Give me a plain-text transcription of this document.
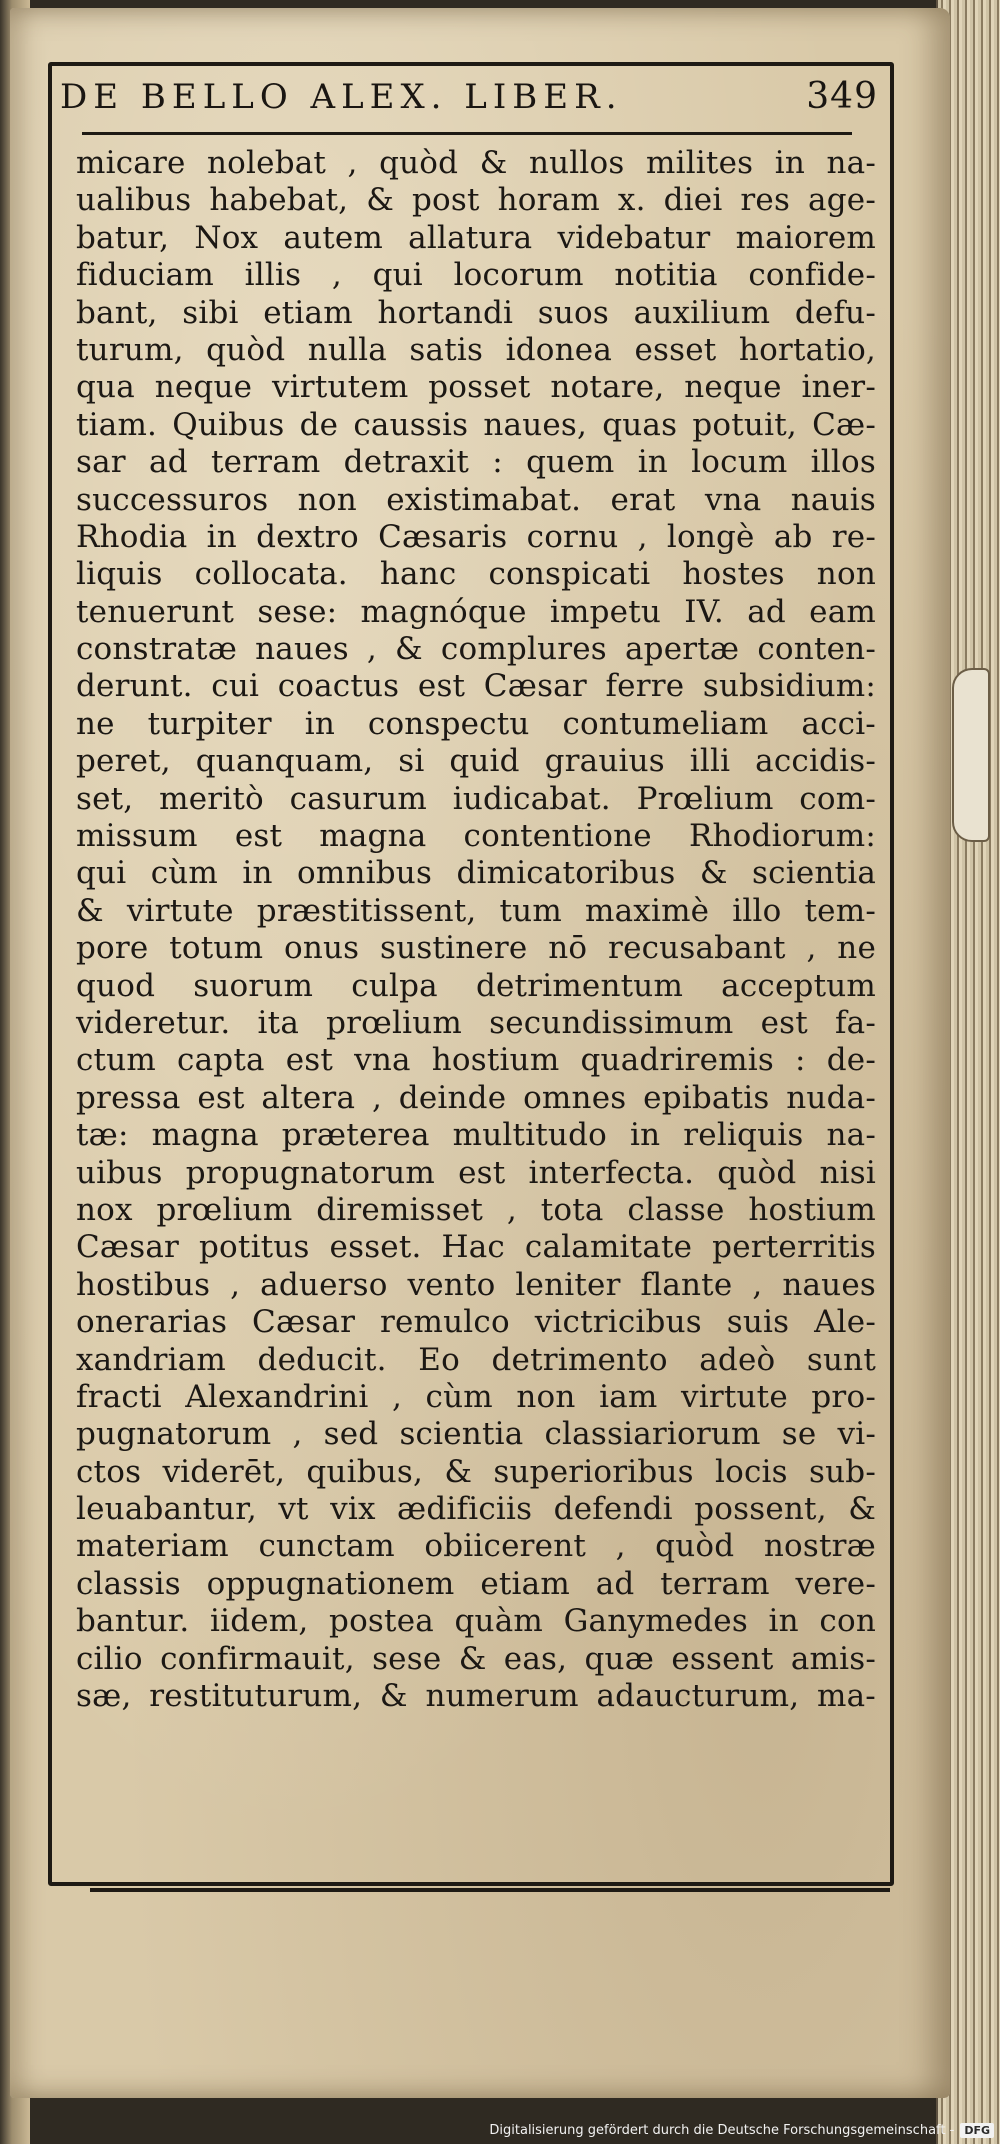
DE BELLO ALEX. LIBER.	349
micare nolebat , quòd & nullos milites in na-
ualibus habebat, & post horam x. diei res age-
batur, Nox autem allatura videbatur maiorem
fiduciam illis , qui locorum notitia confide-
bant, sibi etiam hortandi suos auxilium defu-
turum, quòd nulla satis idonea esset hortatio,
qua neque virtutem posset notare, neque iner-
tiam. Quibus de caussis naues, quas potuit, Cæ-
sar ad terram detraxit : quem in locum illos
successuros non existimabat. erat vna nauis
Rhodia in dextro Cæsaris cornu , longè ab re-
liquis collocata. hanc conspicati hostes non
tenuerunt sese: magnóque impetu IV. ad eam
constratæ naues , & complures apertæ conten-
derunt. cui coactus est Cæsar ferre subsidium:
ne turpiter in conspectu contumeliam acci-
peret, quanquam, si quid grauius illi accidis-
set, meritò casurum iudicabat. Prœlium com-
missum est magna contentione Rhodiorum:
qui cùm in omnibus dimicatoribus & scientia
& virtute præstitissent, tum maximè illo tem-
pore totum onus sustinere nō recusabant , ne
quod suorum culpa detrimentum acceptum
videretur. ita prœlium secundissimum est fa-
ctum capta est vna hostium quadriremis : de-
pressa est altera , deinde omnes epibatis nuda-
tæ: magna præterea multitudo in reliquis na-
uibus propugnatorum est interfecta. quòd nisi
nox prœlium diremisset , tota classe hostium
Cæsar potitus esset. Hac calamitate perterritis
hostibus , aduerso vento leniter flante , naues
onerarias Cæsar remulco victricibus suis Ale-
xandriam deducit. Eo detrimento adeò sunt
fracti Alexandrini , cùm non iam virtute pro-
pugnatorum , sed scientia classiariorum se vi-
ctos viderēt, quibus, & superioribus locis sub-
leuabantur, vt vix ædificiis defendi possent, &
materiam cunctam obiicerent , quòd nostræ
classis oppugnationem etiam ad terram vere-
bantur. iidem, postea quàm Ganymedes in con
cilio confirmauit, sese & eas, quæ essent amis-
sæ, restituturum, & numerum adaucturum, ma-
Digitalisierung gefördert durch die Deutsche Forschungsgemeinschaft - DFG
